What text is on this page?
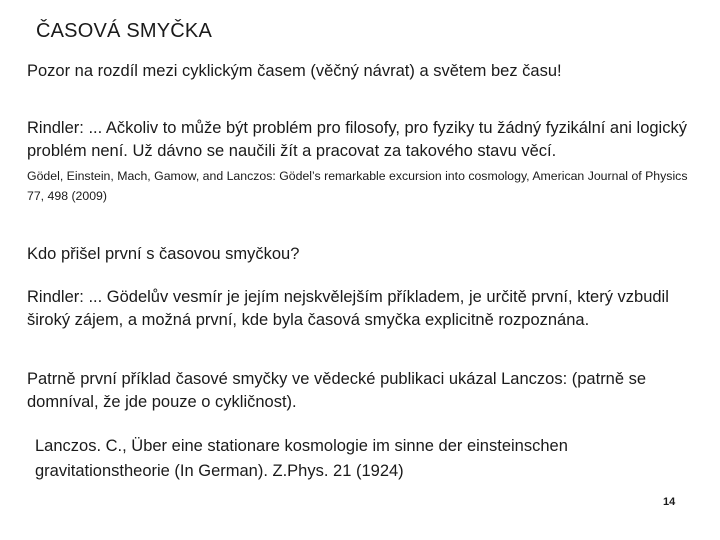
ČASOVÁ SMYČKA
Pozor na rozdíl mezi cyklickým časem (věčný návrat) a světem bez času!
Rindler: ... Ačkoliv to může být problém pro filosofy, pro fyziky tu žádný fyzikální ani logický problém není. Už dávno se naučili žít a pracovat za takového stavu věcí.
Gödel, Einstein, Mach, Gamow, and Lanczos: Gödel’s remarkable excursion into cosmology, American Journal of Physics 77, 498 (2009)
Kdo přišel první s časovou smyčkou?
Rindler: ... Gödelův vesmír je jejím nejskvělejším příkladem, je určitě první, který vzbudil široký zájem, a možná první, kde byla časová smyčka explicitně rozpoznána.
Patrně první příklad časové smyčky ve vědecké publikaci ukázal Lanczos: (patrně se domníval, že jde pouze o cykličnost).
Lanczos. C., Über eine stationare kosmologie im sinne der einsteinschen gravitationstheorie (In German). Z.Phys. 21 (1924)
14
